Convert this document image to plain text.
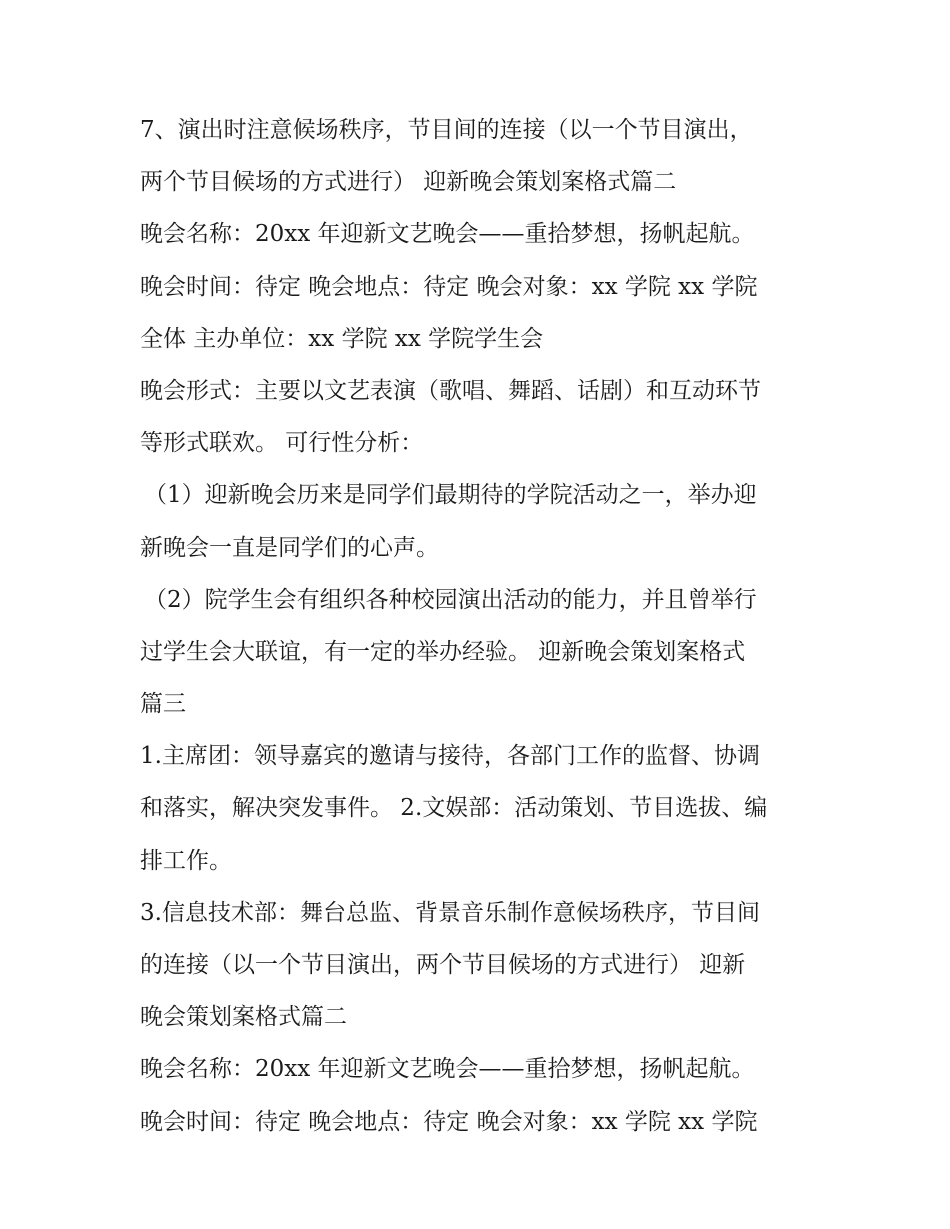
7、演出时注意候场秩序，节目间的连接（以一个节目演出，
两个节目候场的方式进行） 迎新晚会策划案格式篇二
晚会名称：20xx 年迎新文艺晚会——重拾梦想，扬帆起航。
晚会时间：待定 晚会地点：待定 晚会对象：xx 学院 xx 学院
全体 主办单位：xx 学院 xx 学院学生会
晚会形式：主要以文艺表演（歌唱、舞蹈、话剧）和互动环节
等形式联欢。 可行性分析：
（1）迎新晚会历来是同学们最期待的学院活动之一，举办迎
新晚会一直是同学们的心声。
（2）院学生会有组织各种校园演出活动的能力，并且曾举行
过学生会大联谊，有一定的举办经验。 迎新晚会策划案格式
篇三
1.主席团：领导嘉宾的邀请与接待，各部门工作的监督、协调
和落实，解决突发事件。 2.文娱部：活动策划、节目选拔、编
排工作。
3.信息技术部：舞台总监、背景音乐制作意候场秩序，节目间
的连接（以一个节目演出，两个节目候场的方式进行） 迎新
晚会策划案格式篇二
晚会名称：20xx 年迎新文艺晚会——重拾梦想，扬帆起航。
晚会时间：待定 晚会地点：待定 晚会对象：xx 学院 xx 学院
